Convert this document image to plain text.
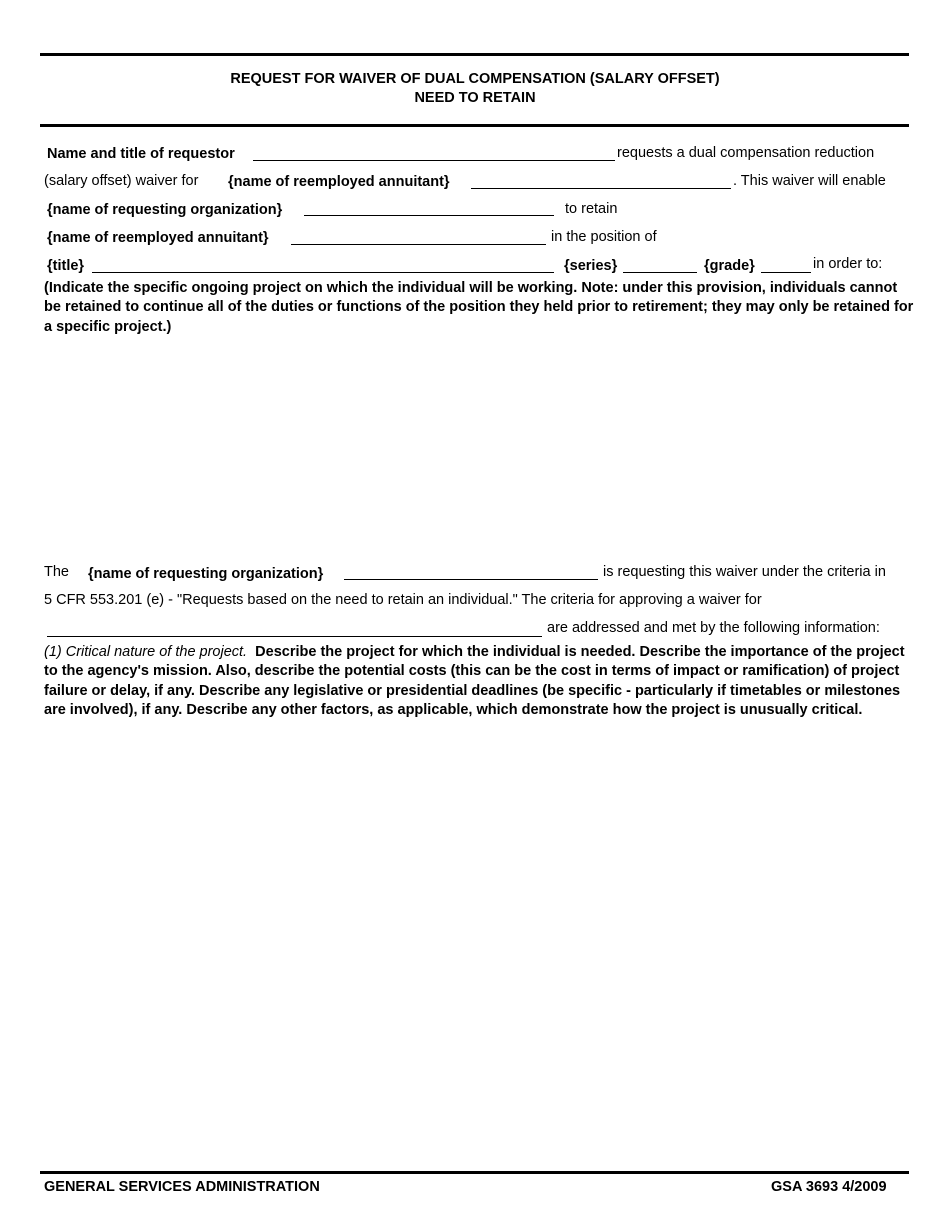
REQUEST FOR WAIVER OF DUAL COMPENSATION (SALARY OFFSET)
NEED TO RETAIN
Name and title of requestor	requests a dual compensation reduction
(salary offset) waiver for {name of reemployed annuitant}	. This waiver will enable
{name of requesting organization}	to retain
{name of reemployed annuitant}	in the position of
{title}	{series}	{grade}	in order to:
(Indicate the specific ongoing project on which the individual will be working. Note: under this provision, individuals cannot be retained to continue all of the duties or functions of the position they held prior to retirement; they may only be retained for a specific project.)
The {name of requesting organization}	is requesting this waiver under the criteria in
5 CFR 553.201 (e) - "Requests based on the need to retain an individual." The criteria for approving a waiver for
are addressed and met by the following information:
(1) Critical nature of the project. Describe the project for which the individual is needed. Describe the importance of the project to the agency's mission. Also, describe the potential costs (this can be the cost in terms of impact or ramification) of project failure or delay, if any. Describe any legislative or presidential deadlines (be specific - particularly if timetables or milestones are involved), if any. Describe any other factors, as applicable, which demonstrate how the project is unusually critical.
GENERAL SERVICES ADMINISTRATION	GSA 3693 4/2009
